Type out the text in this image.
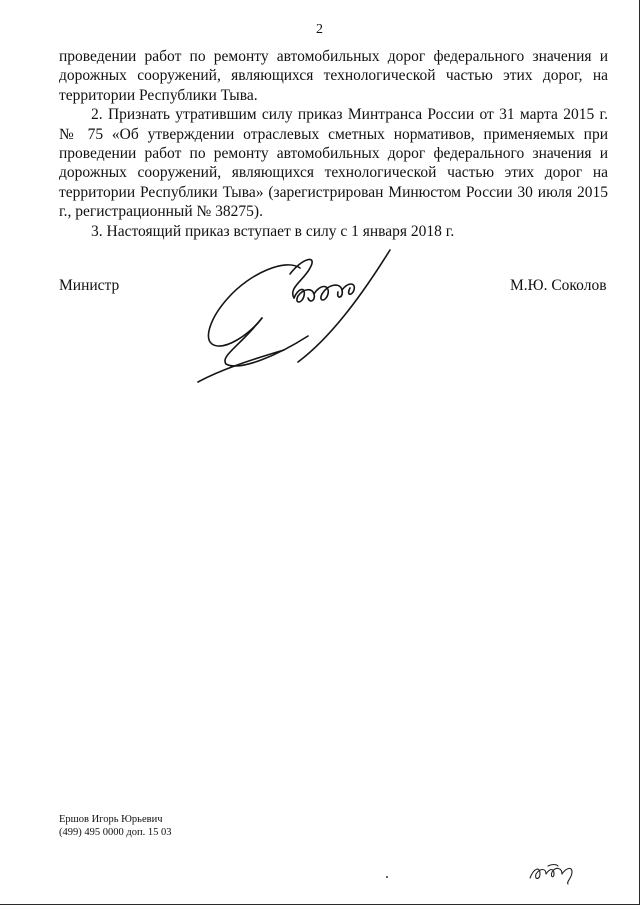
2

проведении работ по ремонту автомобильных дорог федерального значения и дорожных сооружений, являющихся технологической частью этих дорог, на территории Республики Тыва.

2. Признать утратившим силу приказ Минтранса России от 31 марта 2015 г. № 75 «Об утверждении отраслевых сметных нормативов, применяемых при проведении работ по ремонту автомобильных дорог федерального значения и дорожных сооружений, являющихся технологической частью этих дорог на территории Республики Тыва» (зарегистрирован Минюстом России 30 июля 2015 г., регистрационный № 38275).

3. Настоящий приказ вступает в силу с 1 января 2018 г.

Министр	М.Ю. Соколов
Ершов Игорь Юрьевич
(499) 495 0000 доп. 15 03
